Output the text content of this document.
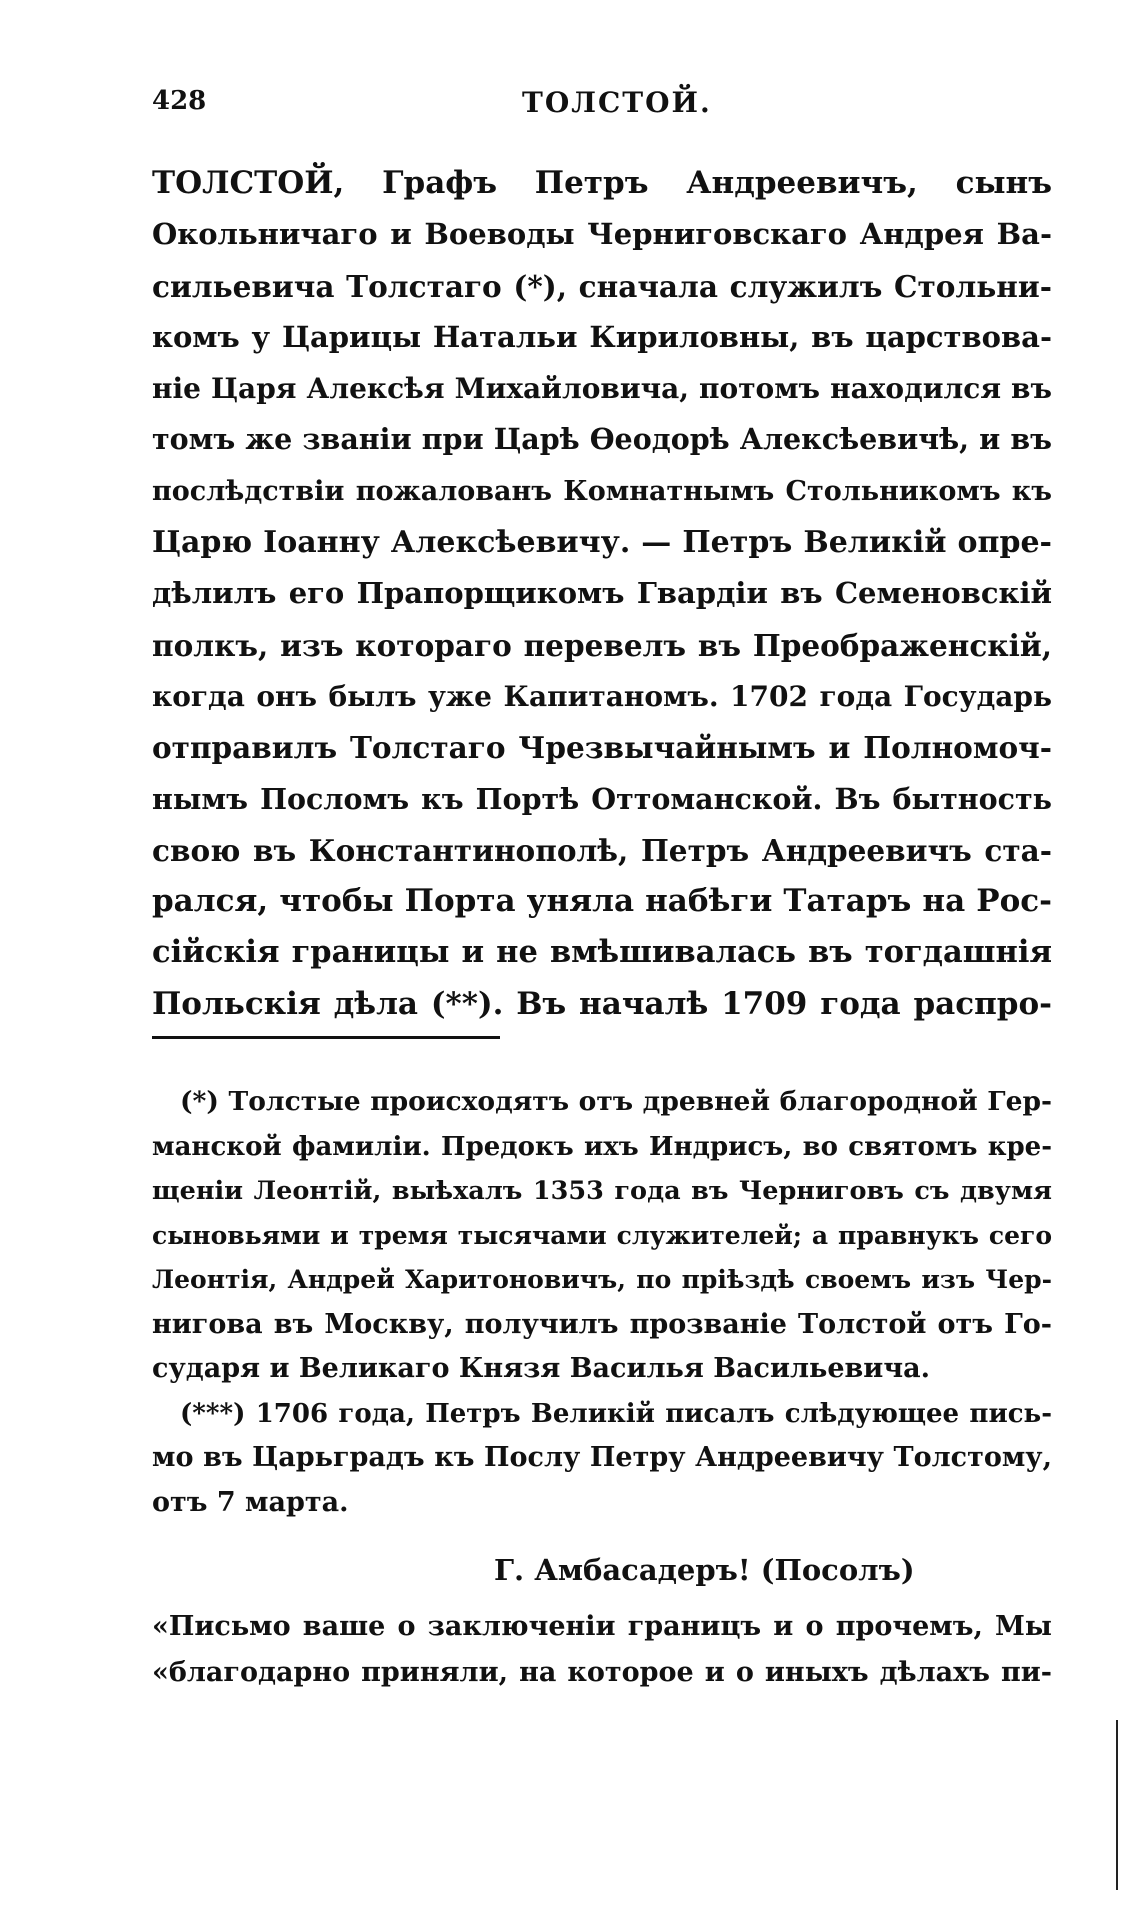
428	ТОЛСТОЙ.
ТОЛСТОЙ, Графъ Петръ Андреевичъ, сынъ
Окольничаго и Воеводы Черниговскаго Андрея Ва-
сильевича Толстаго (*), сначала служилъ Стольни-
комъ у Царицы Натальи Кириловны, въ царствова-
ніе Царя Алексѣя Михайловича, потомъ находился въ
томъ же званіи при Царѣ Ѳеодорѣ Алексѣевичѣ, и въ
послѣдствіи пожалованъ Комнатнымъ Стольникомъ къ
Царю Іоанну Алексѣевичу. — Петръ Великій опре-
дѣлилъ его Прапорщикомъ Гвардіи въ Семеновскій
полкъ, изъ котораго перевелъ въ Преображенскій,
когда онъ былъ уже Капитаномъ. 1702 года Государь
отправилъ Толстаго Чрезвычайнымъ и Полномоч-
нымъ Посломъ къ Портѣ Оттоманской. Въ бытность
свою въ Константинополѣ, Петръ Андреевичъ ста-
рался, чтобы Порта уняла набѣги Татаръ на Рос-
сійскія границы и не вмѣшивалась въ тогдашнія
Польскія дѣла (**). Въ началѣ 1709 года распро-
(*) Толстые происходятъ отъ древней благородной Гер-
манской фамиліи. Предокъ ихъ Индрисъ, во святомъ кре-
щеніи Леонтій, выѣхалъ 1353 года въ Черниговъ съ двумя
сыновьями и тремя тысячами служителей; а правнукъ сего
Леонтія, Андрей Харитоновичъ, по пріѣздѣ своемъ изъ Чер-
нигова въ Москву, получилъ прозваніе Толстой отъ Го-
сударя и Великаго Князя Василья Васильевича.
(***) 1706 года, Петръ Великій писалъ слѣдующее пись-
мо въ Царьградъ къ Послу Петру Андреевичу Толстому,
отъ 7 марта.
Г. Амбасадеръ! (Посолъ)
«Письмо ваше о заключеніи границъ и о прочемъ, Мы
«благодарно приняли, на которое и о иныхъ дѣлахъ пи-
